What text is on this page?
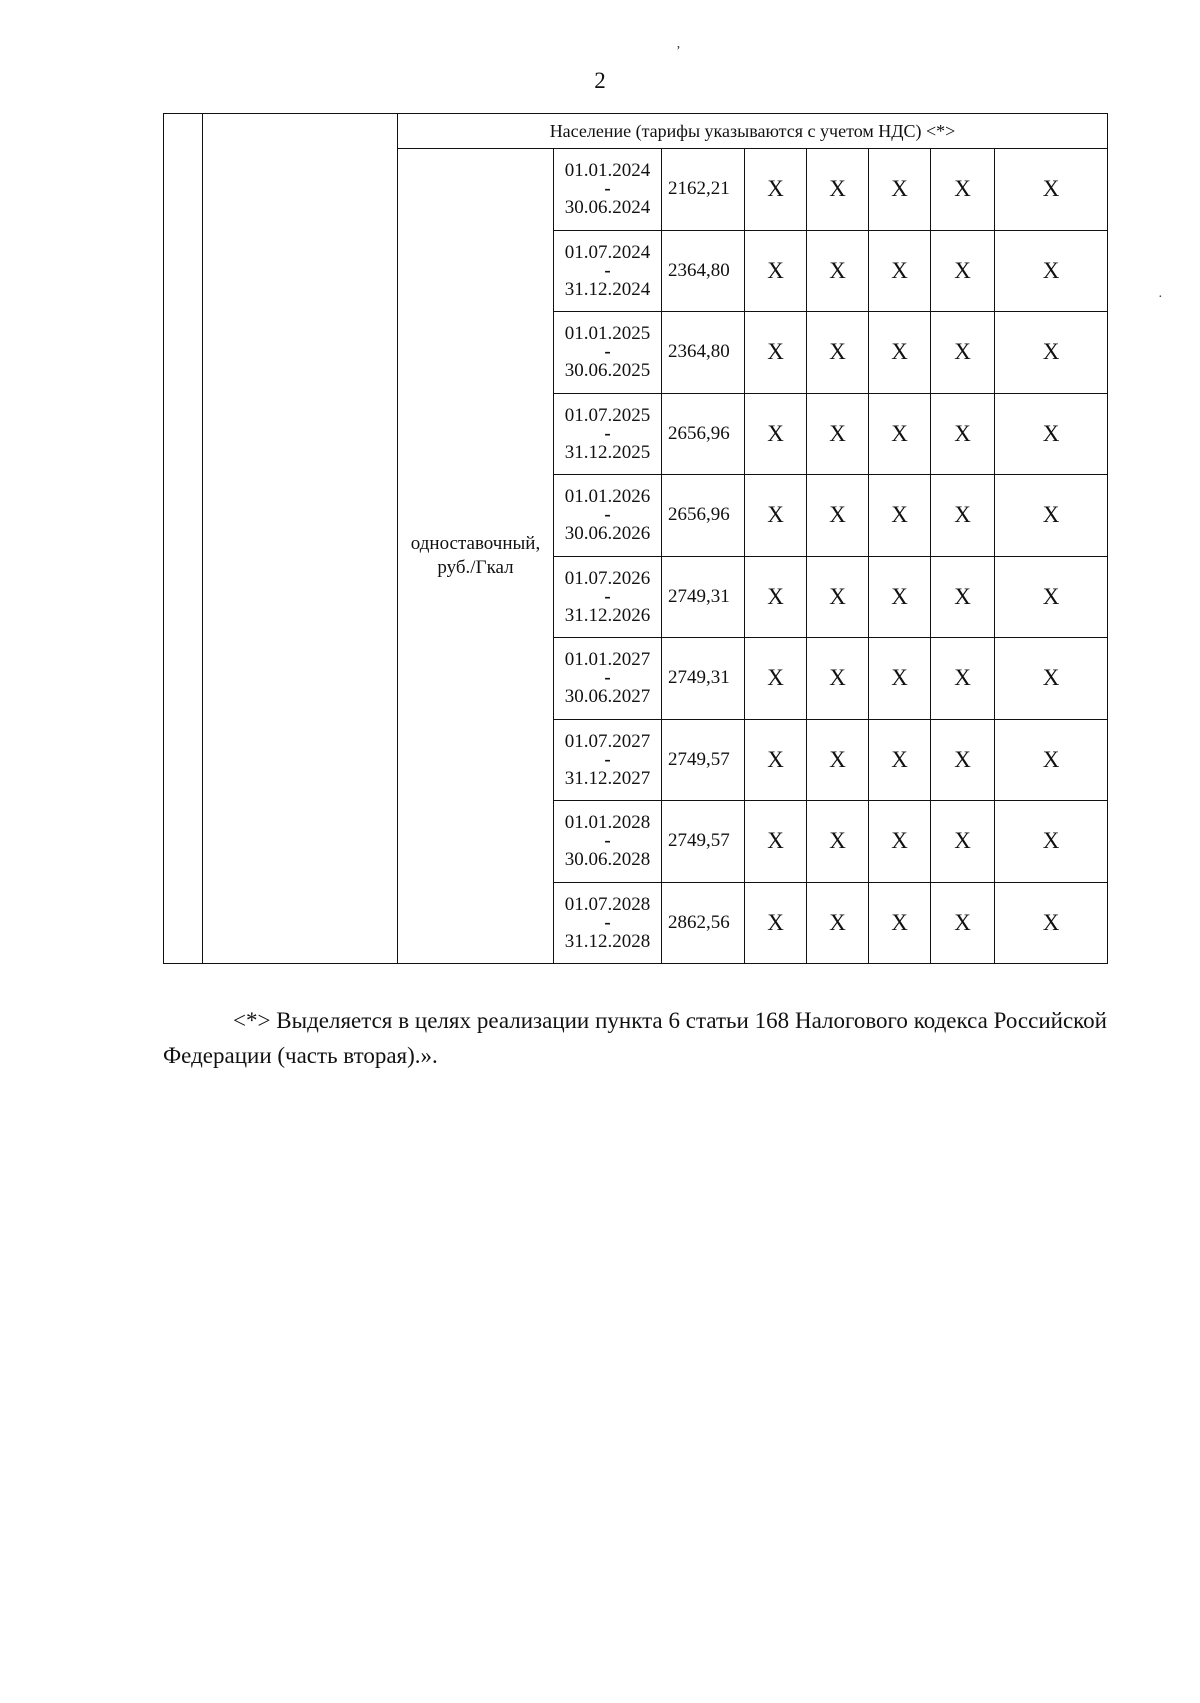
2
ʼ
·
		Население (тарифы указываются с учетом НДС) <*>							
		одноставочный, руб./Гкал	01.01.2024
-
30.06.2024	2162,21	X	X	X	X	X

			01.07.2024
-
31.12.2024	2364,80	X	X	X	X	X

			01.01.2025
-
30.06.2025	2364,80	X	X	X	X	X

			01.07.2025
-
31.12.2025	2656,96	X	X	X	X	X

			01.01.2026
-
30.06.2026	2656,96	X	X	X	X	X

			01.07.2026
-
31.12.2026	2749,31	X	X	X	X	X

			01.01.2027
-
30.06.2027	2749,31	X	X	X	X	X

			01.07.2027
-
31.12.2027	2749,57	X	X	X	X	X

			01.01.2028
-
30.06.2028	2749,57	X	X	X	X	X

			01.07.2028
-
31.12.2028	2862,56	X	X	X	X	X

<*> Выделяется в целях реализации пункта 6 статьи 168 Налогового кодекса Российской Федерации (часть вторая).».
